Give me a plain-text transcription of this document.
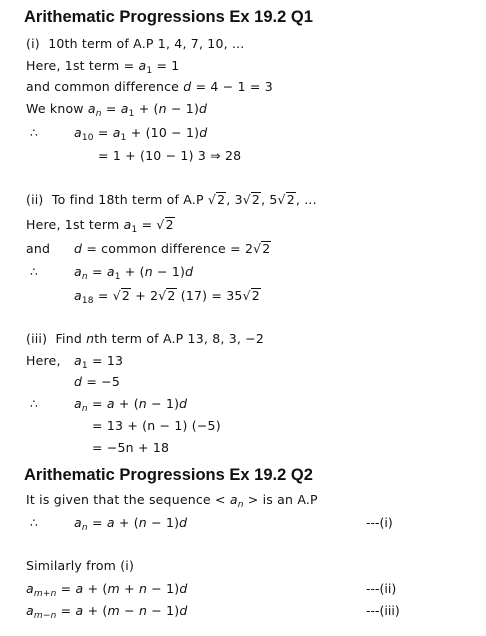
Arithematic Progressions Ex 19.2 Q1
(i) 10th term of A.P 1, 4, 7, 10, ...
Here, 1st term = $a_1 = 1$
and common difference d = 4 − 1 = 3
We know $a_n = a_1 + (n - 1)d$
∴	$a_{10} = a_1 + (10 - 1)d$
= 1 + (10 − 1) 3 ⇒ 28
(ii) To find 18th term of A.P √2, 3√2, 5√2, ...
Here, 1st term $a_1 = √2$
and d = common difference = 2√2
∴	$a_n = a_1 + (n - 1)d$
$a_{18} = √2 + 2√2$ (17) = 35√2
(iii) Find nth term of A.P 13, 8, 3, −2
Here, $a_1 = 13$
d = −5
∴	$a_n = a + (n - 1)d$
= 13 + (n − 1) (−5)
= −5n + 18
Arithematic Progressions Ex 19.2 Q2
It is given that the sequence < $a_n$ > is an A.P
∴	$a_n = a + (n - 1)d$	---(i)
Similarly from (i)
$a_{m+n} = a + (m + n - 1)d$	---(ii)
$a_{m-n} = a + (m - n - 1)d$	---(iii)
